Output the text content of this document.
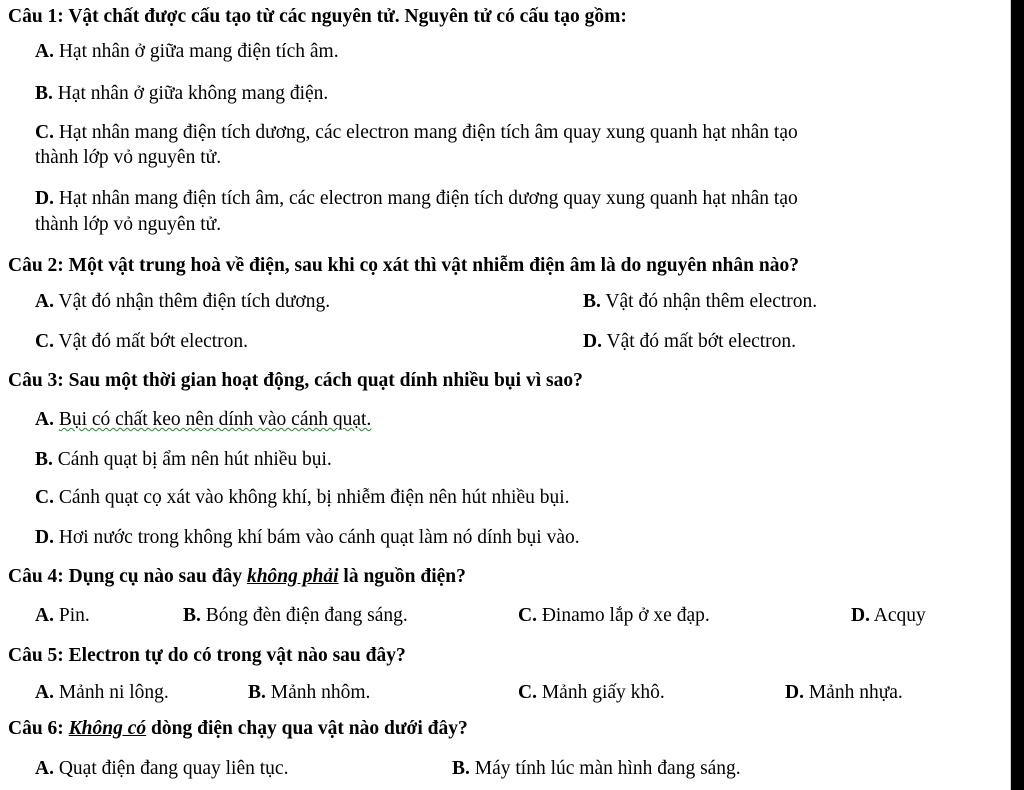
Câu 1: Vật chất được cấu tạo từ các nguyên tử. Nguyên tử có cấu tạo gồm:
A. Hạt nhân ở giữa mang điện tích âm.
B. Hạt nhân ở giữa không mang điện.
C. Hạt nhân mang điện tích dương, các electron mang điện tích âm quay xung quanh hạt nhân tạo
thành lớp vỏ nguyên tử.
D. Hạt nhân mang điện tích âm, các electron mang điện tích dương quay xung quanh hạt nhân tạo
thành lớp vỏ nguyên tử.
Câu 2: Một vật trung hoà về điện, sau khi cọ xát thì vật nhiễm điện âm là do nguyên nhân nào?
A. Vật đó nhận thêm điện tích dương.	B. Vật đó nhận thêm electron.
C. Vật đó mất bớt electron.	D. Vật đó mất bớt electron.
Câu 3: Sau một thời gian hoạt động, cách quạt dính nhiều bụi vì sao?
A. Bụi có chất keo nên dính vào cánh quạt.
B. Cánh quạt bị ẩm nên hút nhiều bụi.
C. Cánh quạt cọ xát vào không khí, bị nhiễm điện nên hút nhiều bụi.
D. Hơi nước trong không khí bám vào cánh quạt làm nó dính bụi vào.
Câu 4: Dụng cụ nào sau đây không phải là nguồn điện?
A. Pin.	B. Bóng đèn điện đang sáng.	C. Đinamo lắp ở xe đạp.	D. Acquy
Câu 5: Electron tự do có trong vật nào sau đây?
A. Mảnh ni lông.	B. Mảnh nhôm.	C. Mảnh giấy khô.	D. Mảnh nhựa.
Câu 6: Không có dòng điện chạy qua vật nào dưới đây?
A. Quạt điện đang quay liên tục.	B. Máy tính lúc màn hình đang sáng.
